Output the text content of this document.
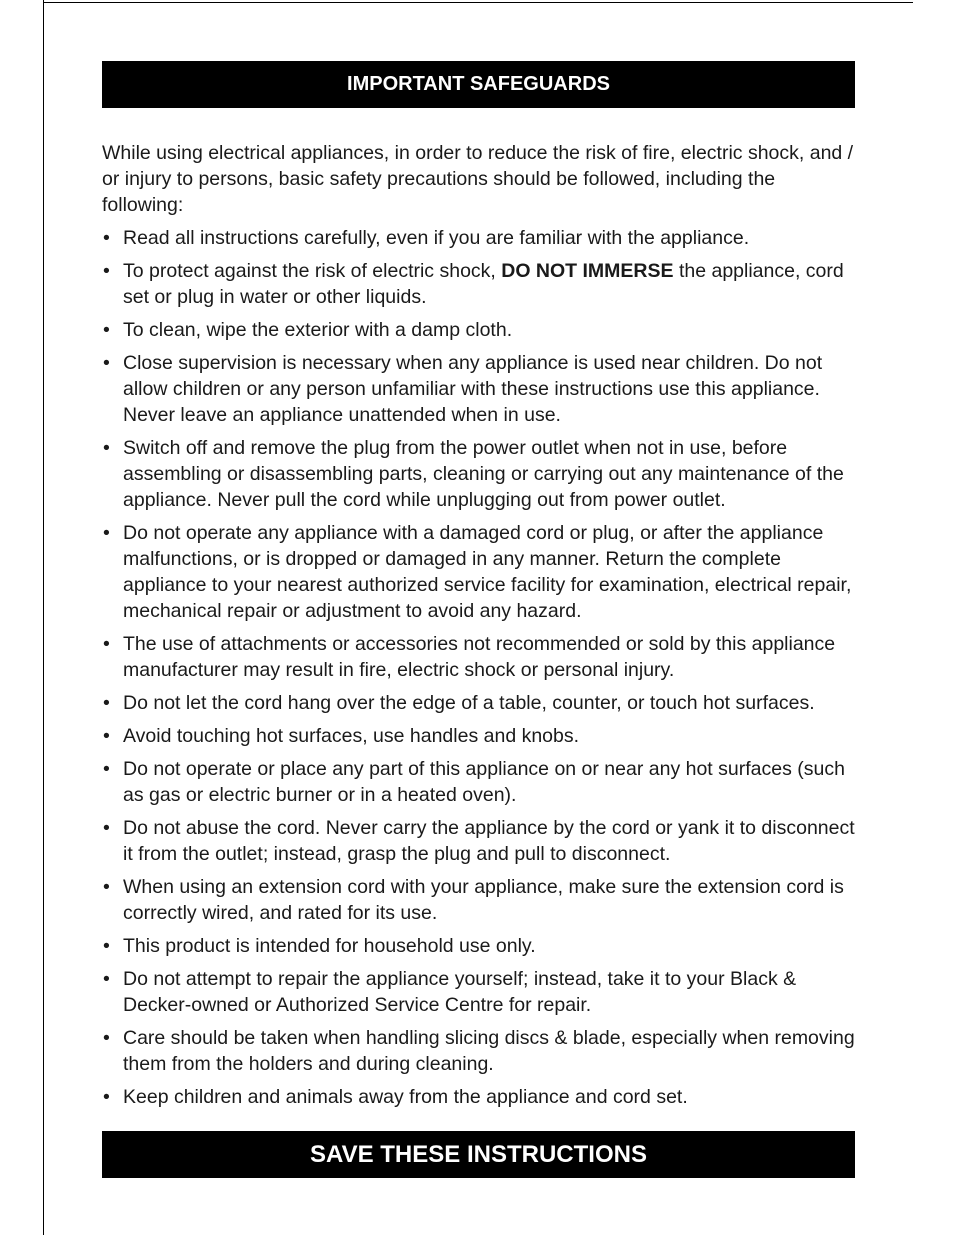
IMPORTANT SAFEGUARDS

While using electrical appliances, in order to reduce the risk of fire, electric shock, and / or injury to persons, basic safety precautions should be followed, including the following:

• Read all instructions carefully, even if you are familiar with the appliance.
• To protect against the risk of electric shock, DO NOT IMMERSE the appliance, cord set or plug in water or other liquids.
• To clean, wipe the exterior with a damp cloth.
• Close supervision is necessary when any appliance is used near children. Do not allow children or any person unfamiliar with these instructions use this appliance. Never leave an appliance unattended when in use.
• Switch off and remove the plug from the power outlet when not in use, before assembling or disassembling parts, cleaning or carrying out any maintenance of the appliance. Never pull the cord while unplugging out from power outlet.
• Do not operate any appliance with a damaged cord or plug, or after the appliance malfunctions, or is dropped or damaged in any manner. Return the complete appliance to your nearest authorized service facility for examination, electrical repair, mechanical repair or adjustment to avoid any hazard.
• The use of attachments or accessories not recommended or sold by this appliance manufacturer may result in fire, electric shock or personal injury.
• Do not let the cord hang over the edge of a table, counter, or touch hot surfaces.
• Avoid touching hot surfaces, use handles and knobs.
• Do not operate or place any part of this appliance on or near any hot surfaces (such as gas or electric burner or in a heated oven).
• Do not abuse the cord. Never carry the appliance by the cord or yank it to disconnect it from the outlet; instead, grasp the plug and pull to disconnect.
• When using an extension cord with your appliance, make sure the extension cord is correctly wired, and rated for its use.
• This product is intended for household use only.
• Do not attempt to repair the appliance yourself; instead, take it to your Black & Decker-owned or Authorized Service Centre for repair.
• Care should be taken when handling slicing discs & blade, especially when removing them from the holders and during cleaning.
• Keep children and animals away from the appliance and cord set.
SAVE THESE INSTRUCTIONS
